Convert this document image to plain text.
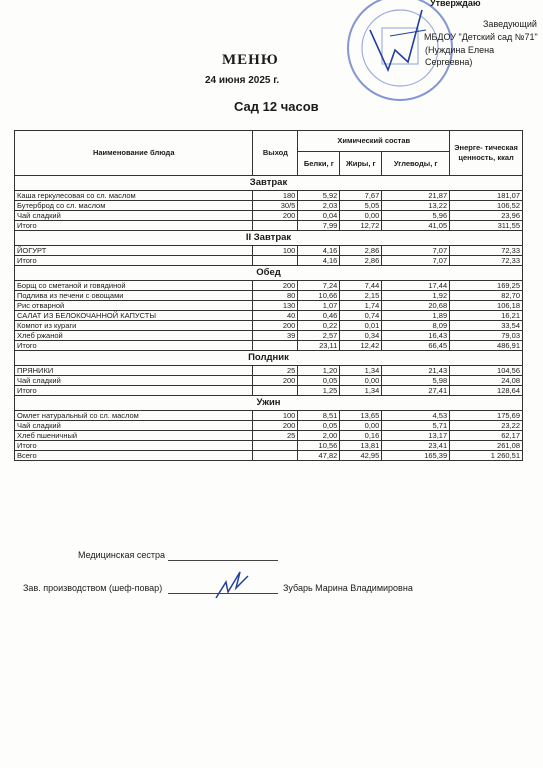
Утверждаю
Заведующий
МБДОУ "Детский сад №71"
(Нуждина Елена Сергеевна)
МЕНЮ
24 июня 2025 г.
Сад 12 часов
Наименование блюда	Выход	Химический состав			Энерге- тическая ценность, ккал
		Белки, г	Жиры, г	Углеводы, г	
Завтрак					
Каша геркулесовая со сл. маслом	180	5,92	7,67	21,87	181,07
Бутерброд со сл. маслом	30/5	2,03	5,05	13,22	106,52
Чай сладкий	200	0,04	0,00	5,96	23,96
Итого		7,99	12,72	41,05	311,55
II Завтрак					
ЙОГУРТ	100	4,16	2,86	7,07	72,33
Итого		4,16	2,86	7,07	72,33
Обед					
Борщ со сметаной и говядиной	200	7,24	7,44	17,44	169,25
Подлива из печени с овощами	80	10,66	2,15	1,92	82,70
Рис отварной	130	1,07	1,74	20,68	106,18
САЛАТ ИЗ БЕЛОКОЧАННОЙ КАПУСТЫ	40	0,46	0,74	1,89	16,21
Компот из кураги	200	0,22	0,01	8,09	33,54
Хлеб ржаной	39	2,57	0,34	16,43	79,03
Итого		23,11	12,42	66,45	486,91
Полдник					
ПРЯНИКИ	25	1,20	1,34	21,43	104,56
Чай сладкий	200	0,05	0,00	5,98	24,08
Итого		1,25	1,34	27,41	128,64
Ужин					
Омлет натуральный со сл. маслом	100	8,51	13,65	4,53	175,69
Чай сладкий	200	0,05	0,00	5,71	23,22
Хлеб пшеничный	25	2,00	0,16	13,17	62,17
Итого		10,56	13,81	23,41	261,08
Всего		47,82	42,95	165,39	1 260,51
Медицинская сестра
Зав. производством (шеф-повар)	Зубарь Марина Владимировна
